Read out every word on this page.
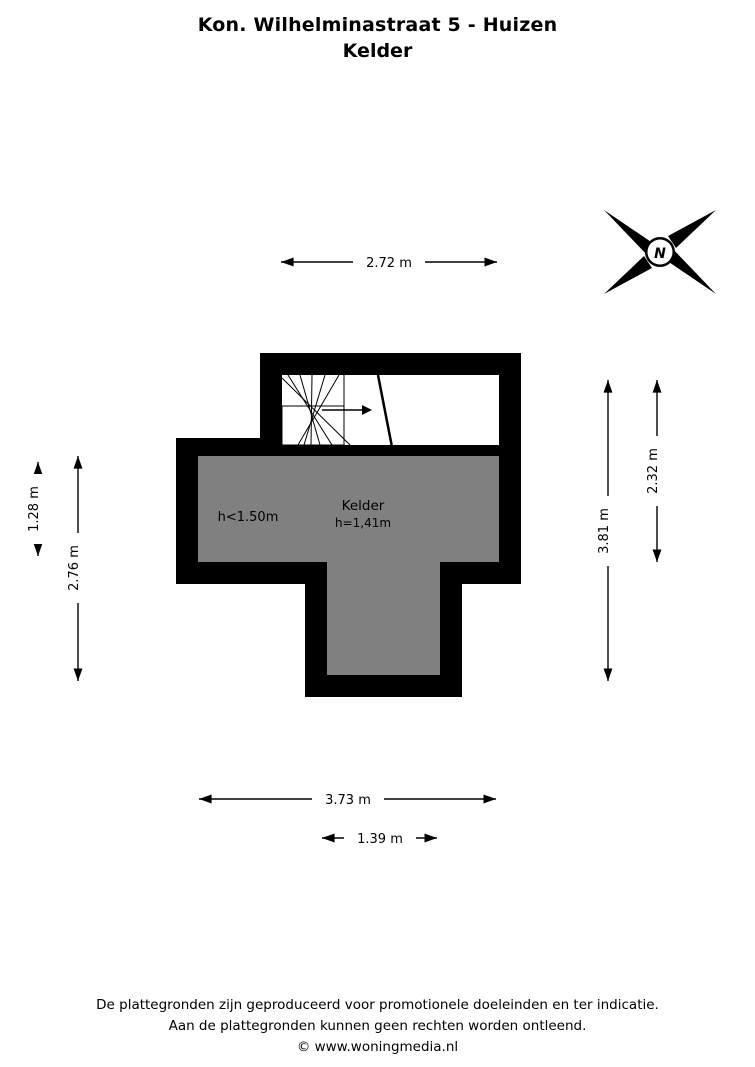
Kon. Wilhelminastraat 5 - Huizen
Kelder
N
Kelder
h=1,41m
h<1.50m
2.72 m
3.81 m
2.32 m
2.76 m
1.28 m
3.73 m
1.39 m
De plattegronden zijn geproduceerd voor promotionele doeleinden en ter indicatie.
Aan de plattegronden kunnen geen rechten worden ontleend.
© www.woningmedia.nl
